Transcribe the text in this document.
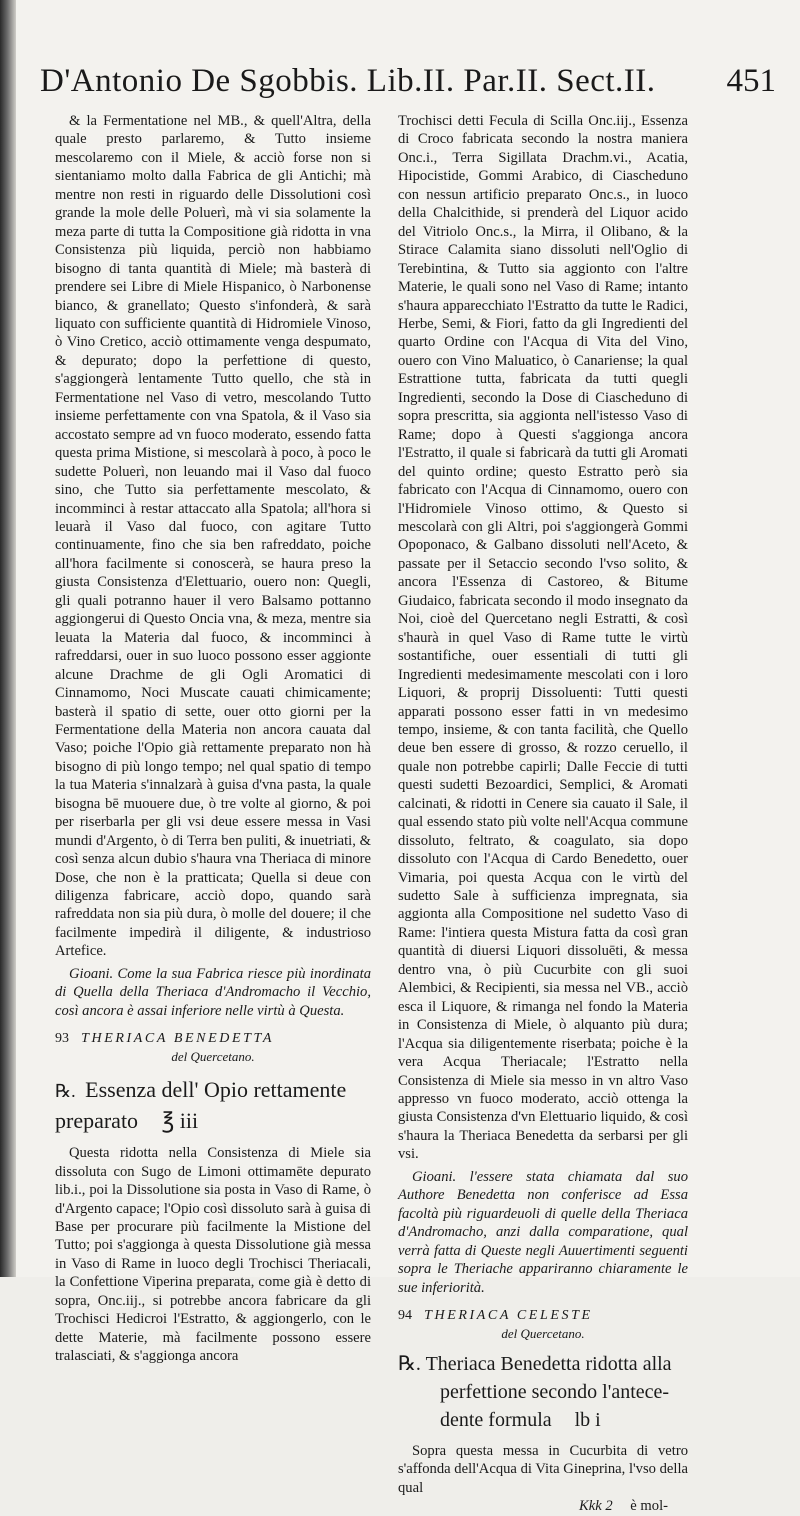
D'Antonio De Sgobbis. Lib.II. Par.II. Sect.II. 451

& la Fermentatione nel MB., & quell'Altra, della quale presto parlaremo, & Tutto insieme mescolaremo con il Miele, & acciò forse non si sientaniamo molto dalla Fabrica de gli Antichi; mà mentre non resti in riguardo delle Dissolutioni così grande la mole delle Poluerì, mà vi sia solamente la meza parte di tutta la Compositione già ridotta in vna Consistenza più liquida, perciò non habbiamo bisogno di tanta quantità di Miele; mà basterà di prendere sei Libre di Miele Hispanico, ò Narbonense bianco, & granellato; Questo s'infonderà, & sarà liquato con sufficiente quantità di Hidromiele Vinoso, ò Vino Cretico, acciò ottimamente venga despumato, & depurato; dopo la perfettione di questo, s'aggiongerà lentamente Tutto quello, che stà in Fermentatione nel Vaso di vetro, mescolando Tutto insieme perfettamente con vna Spatola, & il Vaso sia accostato sempre ad vn fuoco moderato, essendo fatta questa prima Mistione, si mescolarà à poco, à poco le sudette Poluerì, non leuando mai il Vaso dal fuoco sino, che Tutto sia perfettamente mescolato, & incomminci à restar attaccato alla Spatola; all'hora si leuarà il Vaso dal fuoco, con agitare Tutto continuamente, fino che sia ben rafreddato, poiche all'hora facilmente si conoscerà, se haura preso la giusta Consistenza d'Elettuario, ouero non: Quegli, gli quali potranno hauer il vero Balsamo pottanno aggiongerui di Questo Oncia vna, & meza, mentre sia leuata la Materia dal fuoco, & incomminci à rafreddarsi, ouer in suo luoco possono esser aggionte alcune Drachme de gli Ogli Aromatici di Cinnamomo, Noci Muscate cauati chimicamente; basterà il spatio di sette, ouer otto giorni per la Fermentatione della Materia non ancora cauata dal Vaso; poiche l'Opio già rettamente preparato non hà bisogno di più longo tempo; nel qual spatio di tempo la tua Materia s'innalzarà à guisa d'vna pasta, la quale bisogna bē muouere due, ò tre volte al giorno, & poi per riserbarla per gli vsi deue essere messa in Vasi mundi d'Argento, ò di Terra ben puliti, & inuetriati, & così senza alcun dubio s'haura vna Theriaca di minore Dose, che non è la pratticata; Quella si deue con diligenza fabricare, acciò dopo, quando sarà rafreddata non sia più dura, ò molle del douere; il che facilmente impedirà il diligente, & industrioso Artefice.

Gioani. Come la sua Fabrica riesce più inordinata di Quella della Theriaca d'Andromacho il Vecchio, così ancora è assai inferiore nelle virtù à Questa.

93 THERIACA BENEDETTA
del Quercetano.
℞. Essenza dell' Opio rettamente preparato ℥ iii

Questa ridotta nella Consistenza di Miele sia dissoluta con Sugo de Limoni ottimamēte depurato lib.i., poi la Dissolutione sia posta in Vaso di Rame, ò d'Argento capace; l'Opio così dissoluto sarà à guisa di Base per procurare più facilmente la Mistione del Tutto; poi s'aggionga à questa Dissolutione già messa in Vaso di Rame in luoco degli Trochisci Theriacali, la Confettione Viperina preparata, come già è detto di sopra, Onc.iij., si potrebbe ancora fabricare da gli Trochisci Hedicroi l'Estratto, & aggiongerlo, con le dette Materie, mà facilmente possono essere tralasciati, & s'aggionga ancora

Trochisci detti Fecula di Scilla Onc.iij., Essenza di Croco fabricata secondo la nostra maniera Onc.i., Terra Sigillata Drachm.vi., Acatia, Hipocistide, Gommi Arabico, di Ciascheduno con nessun artificio preparato Onc.s., in luoco della Chalcithide, si prenderà del Liquor acido del Vitriolo Onc.s., la Mirra, il Olibano, & la Stirace Calamita siano dissoluti nell'Oglio di Terebintina, & Tutto sia aggionto con l'altre Materie, le quali sono nel Vaso di Rame; intanto s'haura apparecchiato l'Estratto da tutte le Radici, Herbe, Semi, & Fiori, fatto da gli Ingredienti del quarto Ordine con l'Acqua di Vita del Vino, ouero con Vino Maluatico, ò Canariense; la qual Estrattione tutta, fabricata da tutti quegli Ingredienti, secondo la Dose di Ciascheduno di sopra prescritta, sia aggionta nell'istesso Vaso di Rame; dopo à Questi s'aggionga ancora l'Estratto, il quale si fabricarà da tutti gli Aromati del quinto ordine; questo Estratto però sia fabricato con l'Acqua di Cinnamomo, ouero con l'Hidromiele Vinoso ottimo, & Questo si mescolarà con gli Altri, poi s'aggiongerà Gommi Opoponaco, & Galbano dissoluti nell'Aceto, & passate per il Setaccio secondo l'vso solito, & ancora l'Essenza di Castoreo, & Bitume Giudaico, fabricata secondo il modo insegnato da Noi, cioè del Quercetano negli Estratti, & così s'haurà in quel Vaso di Rame tutte le virtù sostantifiche, ouer essentiali di tutti gli Ingredienti medesimamente mescolati con i loro Liquori, & proprij Dissoluenti: Tutti questi apparati possono esser fatti in vn medesimo tempo, insieme, & con tanta facilità, che Quello deue ben essere di grosso, & rozzo ceruello, il quale non potrebbe capirli; Dalle Feccie di tutti questi sudetti Bezoardici, Semplici, & Aromati calcinati, & ridotti in Cenere sia cauato il Sale, il qual essendo stato più volte nell'Acqua commune dissoluto, feltrato, & coagulato, sia dopo dissoluto con l'Acqua di Cardo Benedetto, ouer Vimaria, poi questa Acqua con le virtù del sudetto Sale à sufficienza impregnata, sia aggionta alla Compositione nel sudetto Vaso di Rame: l'intiera questa Mistura fatta da così gran quantità di diuersi Liquori dissoluēti, & messa dentro vna, ò più Cucurbite con gli suoi Alembici, & Recipienti, sia messa nel VB., acciò esca il Liquore, & rimanga nel fondo la Materia in Consistenza di Miele, ò alquanto più dura; l'Acqua sia diligentemente riserbata; poiche è la vera Acqua Theriacale; l'Estratto nella Consistenza di Miele sia messo in vn altro Vaso appresso vn fuoco moderato, acciò ottenga la giusta Consistenza d'vn Elettuario liquido, & così s'haura la Theriaca Benedetta da serbarsi per gli vsi.

Gioani. l'essere stata chiamata dal suo Authore Benedetta non conferisce ad Essa facoltà più riguardeuoli di quelle della Theriaca d'Andromacho, anzi dalla comparatione, qual verrà fatta di Queste negli Auuertimenti seguenti sopra le Theriache appariranno chiaramente le sue inferiorità.

94 THERIACA CELESTE
del Quercetano.
℞. Theriaca Benedetta ridotta alla
perfettione secondo l'antece-
dente formula lb i

Sopra questa messa in Cucurbita di vetro s'affonda dell'Acqua di Vita Gineprina, l'vso della qual

Kkk 2 è mol-
